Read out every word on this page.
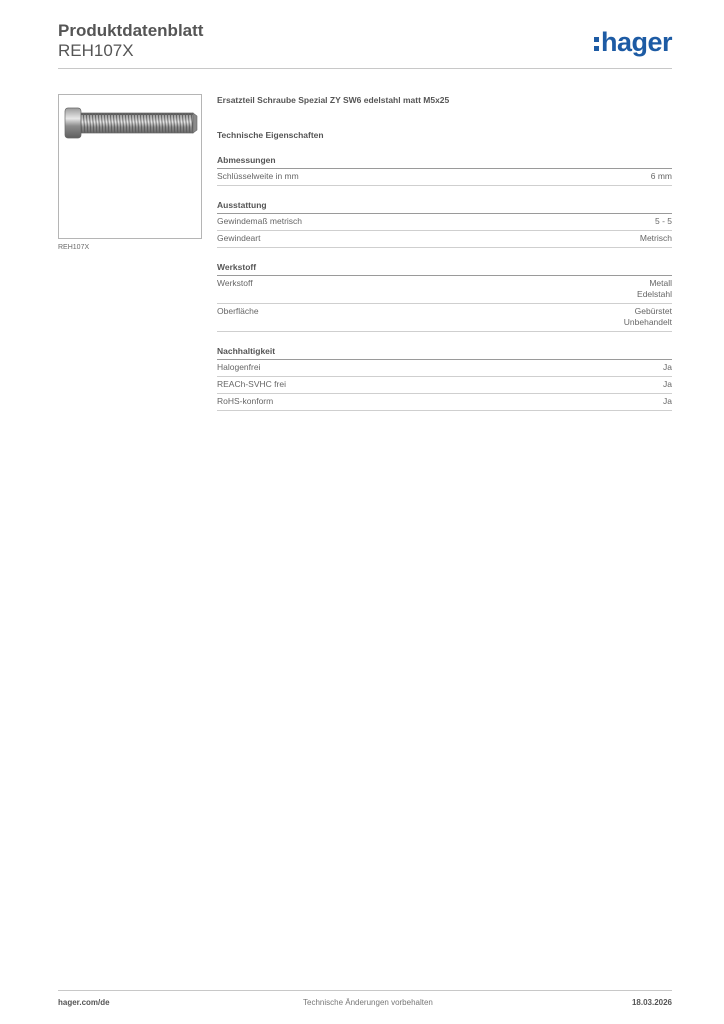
Produktdatenblatt
REH107X	hager
REH107X
Ersatzteil Schraube Spezial ZY SW6 edelstahl matt M5x25
Technische Eigenschaften
Abmessungen
Schlüsselweite in mm	6 mm
Ausstattung
Gewindemaß metrisch	5 - 5
Gewindeart	Metrisch
Werkstoff
Werkstoff	Metall
Edelstahl
Oberfläche	Gebürstet
Unbehandelt
Nachhaltigkeit
Halogenfrei	Ja
REACh-SVHC frei	Ja
RoHS-konform	Ja
hager.com/de	Technische Änderungen vorbehalten	18.03.2026
